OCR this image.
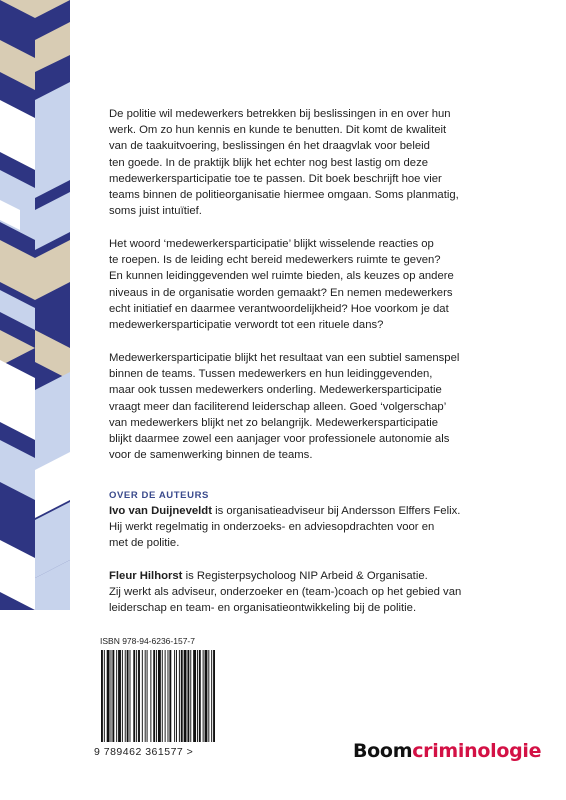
De politie wil medewerkers betrekken bij beslissingen in en over hun
werk. Om zo hun kennis en kunde te benutten. Dit komt de kwaliteit
van de taakuitvoering, beslissingen én het draagvlak voor beleid
ten goede. In de praktijk blijk het echter nog best lastig om deze
medewerkersparticipatie toe te passen. Dit boek beschrijft hoe vier
teams binnen de politieorganisatie hiermee omgaan. Soms planmatig,
soms juist intuïtief.
Het woord ‘medewerkersparticipatie’ blijkt wisselende reacties op
te roepen. Is de leiding echt bereid medewerkers ruimte te geven?
En kunnen leidinggevenden wel ruimte bieden, als keuzes op andere
niveaus in de organisatie worden gemaakt? En nemen medewerkers
echt initiatief en daarmee verantwoordelijkheid? Hoe voorkom je dat
medewerkersparticipatie verwordt tot een rituele dans?
Medewerkersparticipatie blijkt het resultaat van een subtiel samenspel
binnen de teams. Tussen medewerkers en hun leidinggevenden,
maar ook tussen medewerkers onderling. Medewerkersparticipatie
vraagt meer dan faciliterend leiderschap alleen. Goed ‘volgerschap’
van medewerkers blijkt net zo belangrijk. Medewerkersparticipatie
blijkt daarmee zowel een aanjager voor professionele autonomie als
voor de samenwerking binnen de teams.
OVER DE AUTEURS
Ivo van Duijneveldt is organisatieadviseur bij Andersson Elffers Felix.
Hij werkt regelmatig in onderzoeks- en adviesopdrachten voor en
met de politie.
Fleur Hilhorst is Registerpsycholoog NIP Arbeid & Organisatie.
Zij werkt als adviseur, onderzoeker en (team-)coach op het gebied van
leiderschap en team- en organisatieontwikkeling bij de politie.
ISBN 978-94-6236-157-7
9 789462 361577 >	Boomcriminologie
